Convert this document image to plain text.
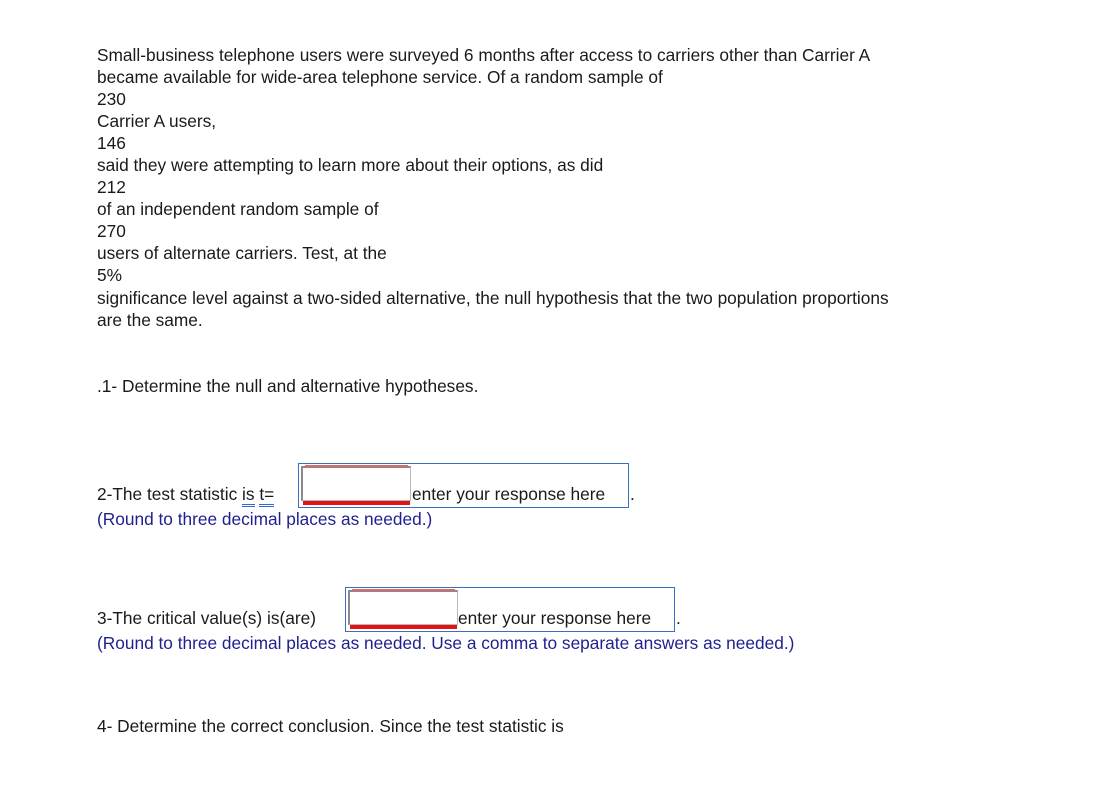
Small-business telephone users were surveyed 6 months after access to carriers other than Carrier A
became available for wide-area telephone service. Of a random sample of
230
Carrier A users,
146
said they were attempting to learn more about their options, as did
212
of an independent random sample of
270
users of alternate carriers. Test, at the
5%
significance level against a two-sided alternative, the null hypothesis that the two population proportions
are the same.
.1- Determine the null and alternative hypotheses.
2-The test statistic is t=	enter your response here .
(Round to three decimal places as needed.)
3-The critical value(s) is(are)	enter your response here .
(Round to three decimal places as needed. Use a comma to separate answers as needed.)
4- Determine the correct conclusion. Since the test statistic is
